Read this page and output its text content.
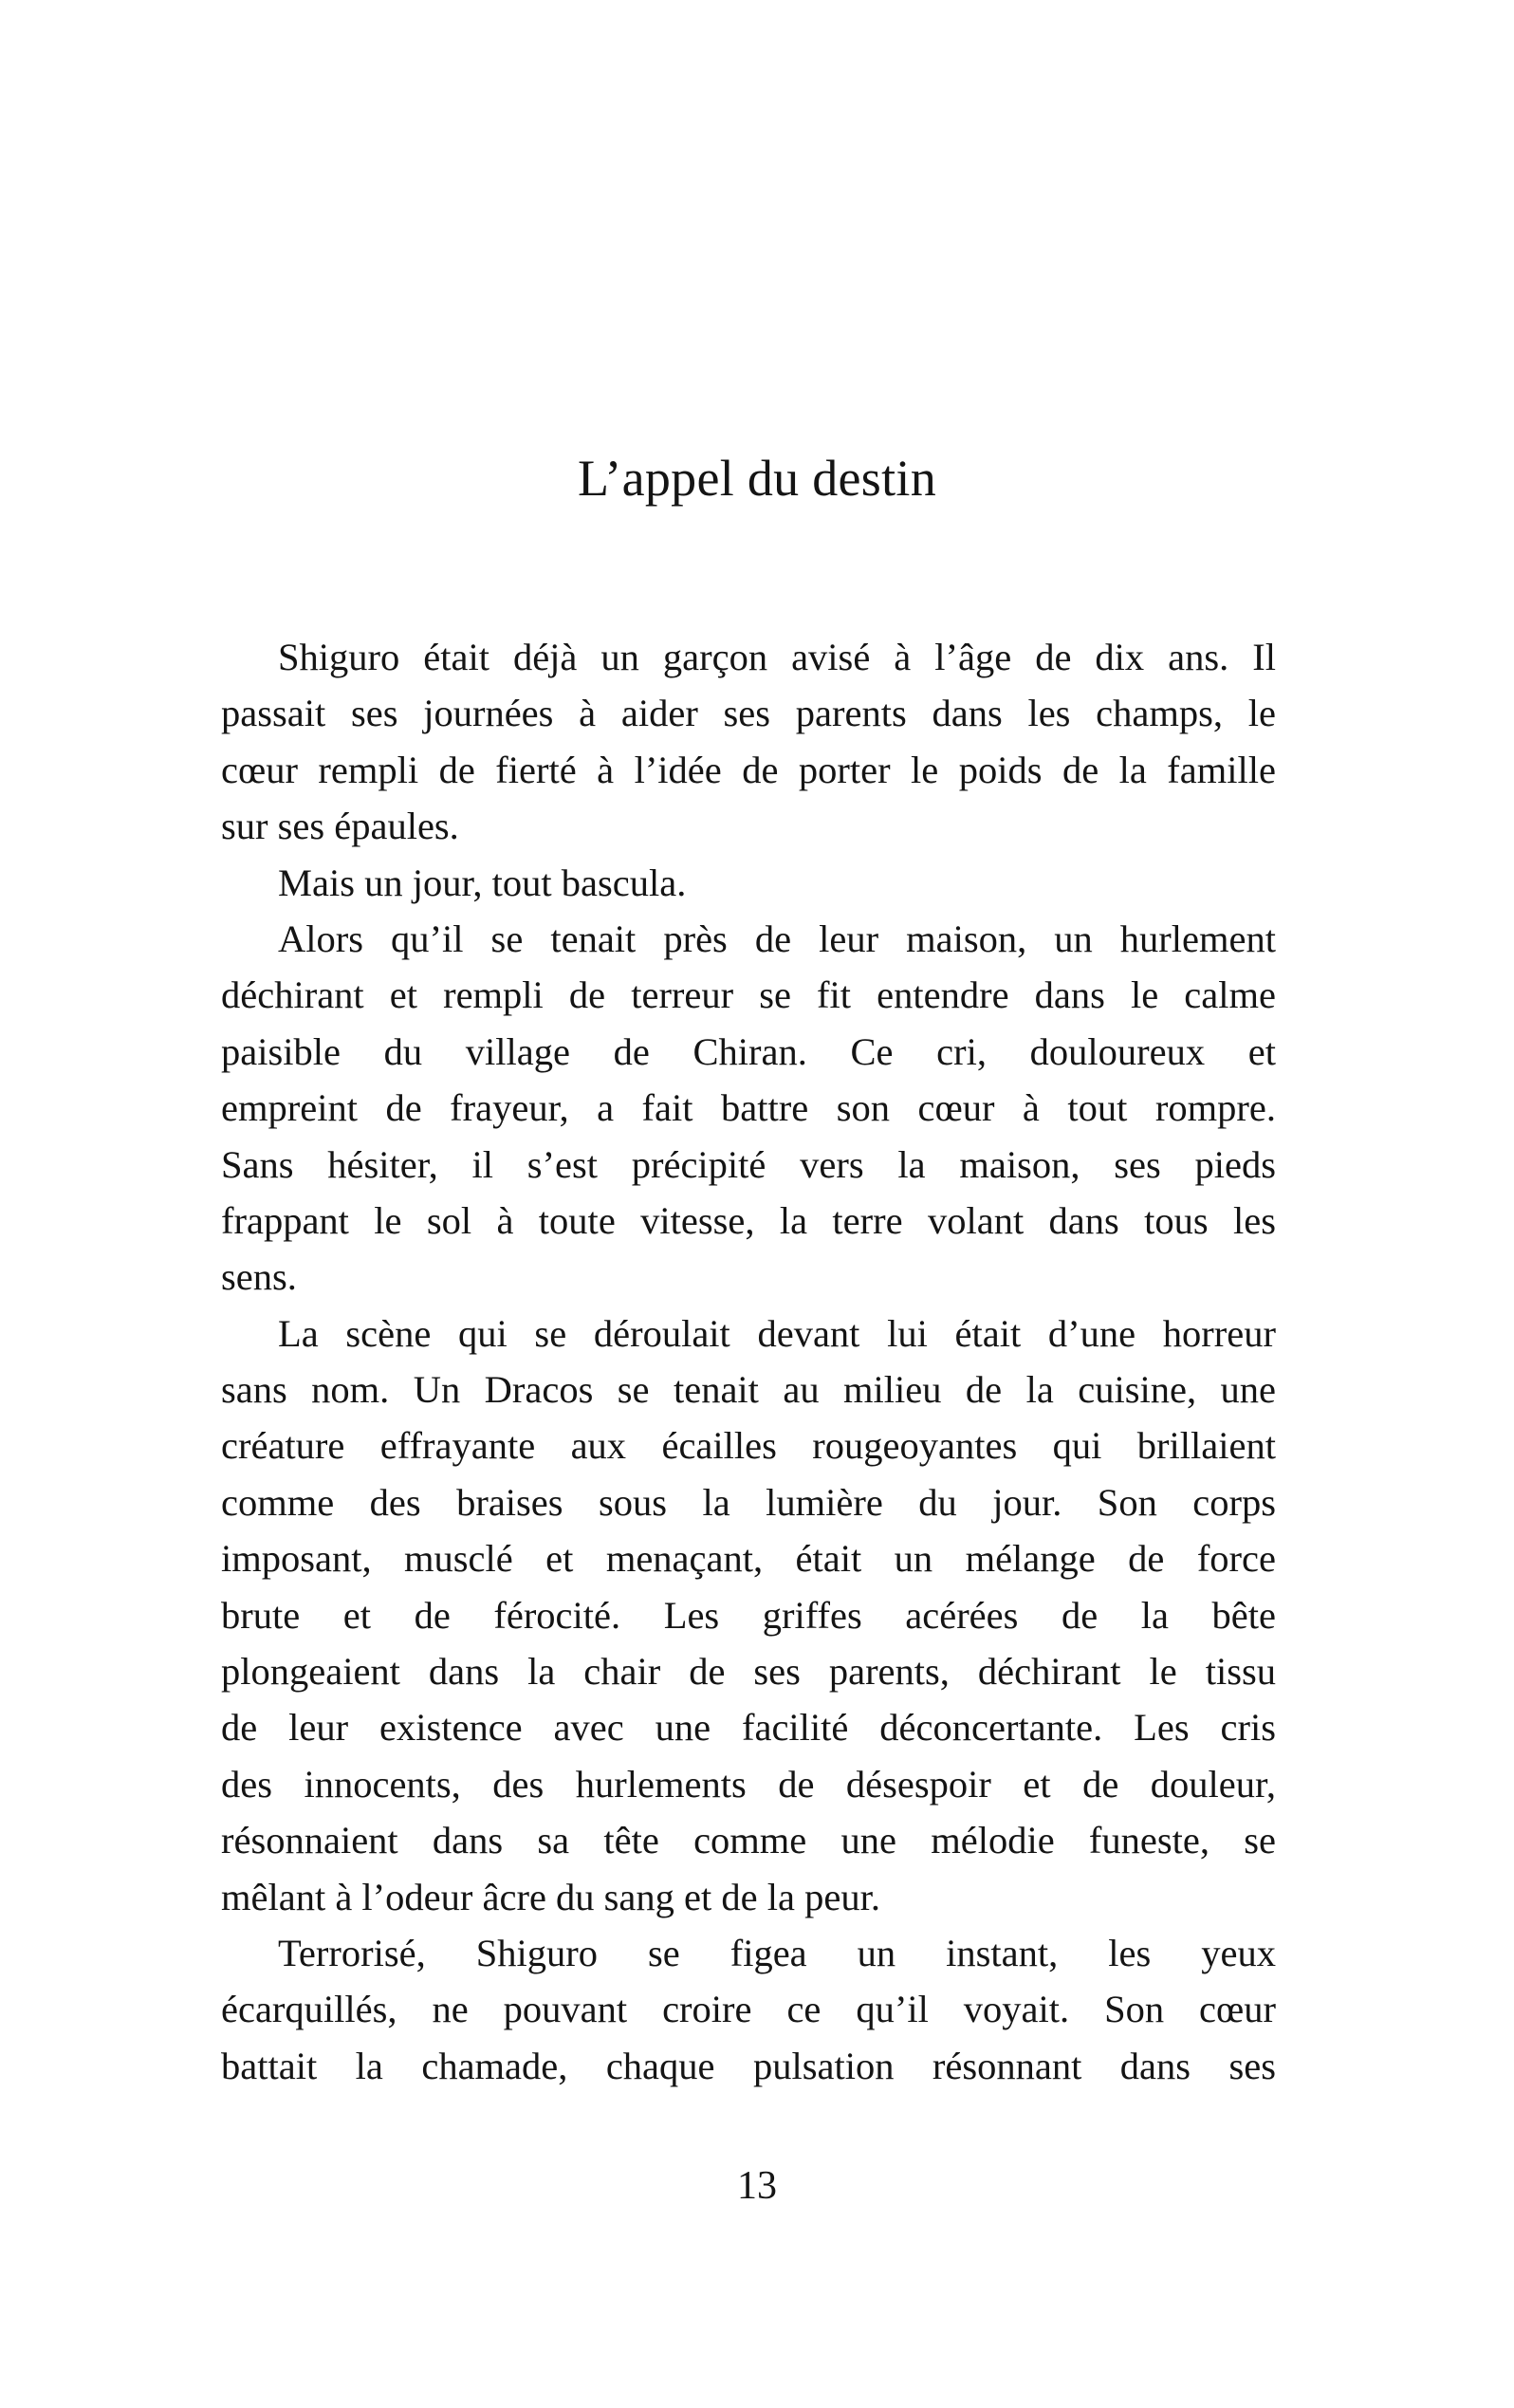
L’appel du destin
Shiguro était déjà un garçon avisé à l’âge de dix ans. Il
passait ses journées à aider ses parents dans les champs, le
cœur rempli de fierté à l’idée de porter le poids de la famille
sur ses épaules.
Mais un jour, tout bascula.
Alors qu’il se tenait près de leur maison, un hurlement
déchirant et rempli de terreur se fit entendre dans le calme
paisible du village de Chiran. Ce cri, douloureux et
empreint de frayeur, a fait battre son cœur à tout rompre.
Sans hésiter, il s’est précipité vers la maison, ses pieds
frappant le sol à toute vitesse, la terre volant dans tous les
sens.
La scène qui se déroulait devant lui était d’une horreur
sans nom. Un Dracos se tenait au milieu de la cuisine, une
créature effrayante aux écailles rougeoyantes qui brillaient
comme des braises sous la lumière du jour. Son corps
imposant, musclé et menaçant, était un mélange de force
brute et de férocité. Les griffes acérées de la bête
plongeaient dans la chair de ses parents, déchirant le tissu
de leur existence avec une facilité déconcertante. Les cris
des innocents, des hurlements de désespoir et de douleur,
résonnaient dans sa tête comme une mélodie funeste, se
mêlant à l’odeur âcre du sang et de la peur.
Terrorisé, Shiguro se figea un instant, les yeux
écarquillés, ne pouvant croire ce qu’il voyait. Son cœur
battait la chamade, chaque pulsation résonnant dans ses
13
